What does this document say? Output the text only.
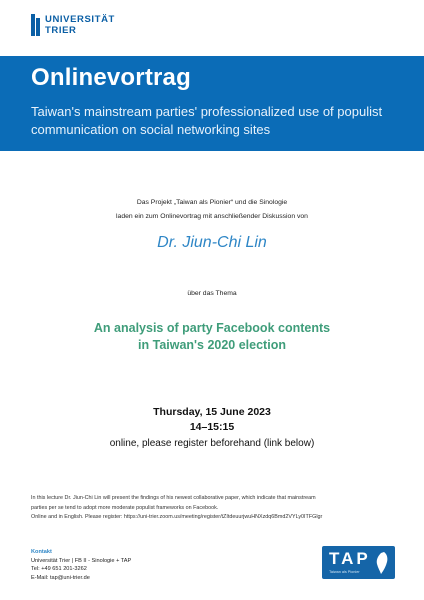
UNIVERSITÄT
TRIER
Onlinevortrag
Taiwan's mainstream parties' professionalized use of populist communication on social networking sites
Das Projekt „Taiwan als Pionier“ und die Sinologie
laden ein zum Onlinevortrag mit anschließender Diskussion von
Dr. Jiun-Chi Lin
über das Thema
An analysis of party Facebook contents
in Taiwan's 2020 election
Thursday, 15 June 2023
14–15:15
online, please register beforehand (link below)
In this lecture Dr. Jiun-Chi Lin will present the findings of his newest collaborative paper, which indicate that mainstream
parties per se tend to adopt more moderate populist frameworks on Facebook.
Online and in English. Please register: https://uni-trier.zoom.us/meeting/register/tZItdeuurjwuHNXzdq6Bmd2VYLy0ITFGlgr
Kontakt
Universität Trier | FB II - Sinologie + TAP
Tel: +49 651 201-3262
E-Mail: tap@uni-trier.de
TAP
Taiwan als Pionier
